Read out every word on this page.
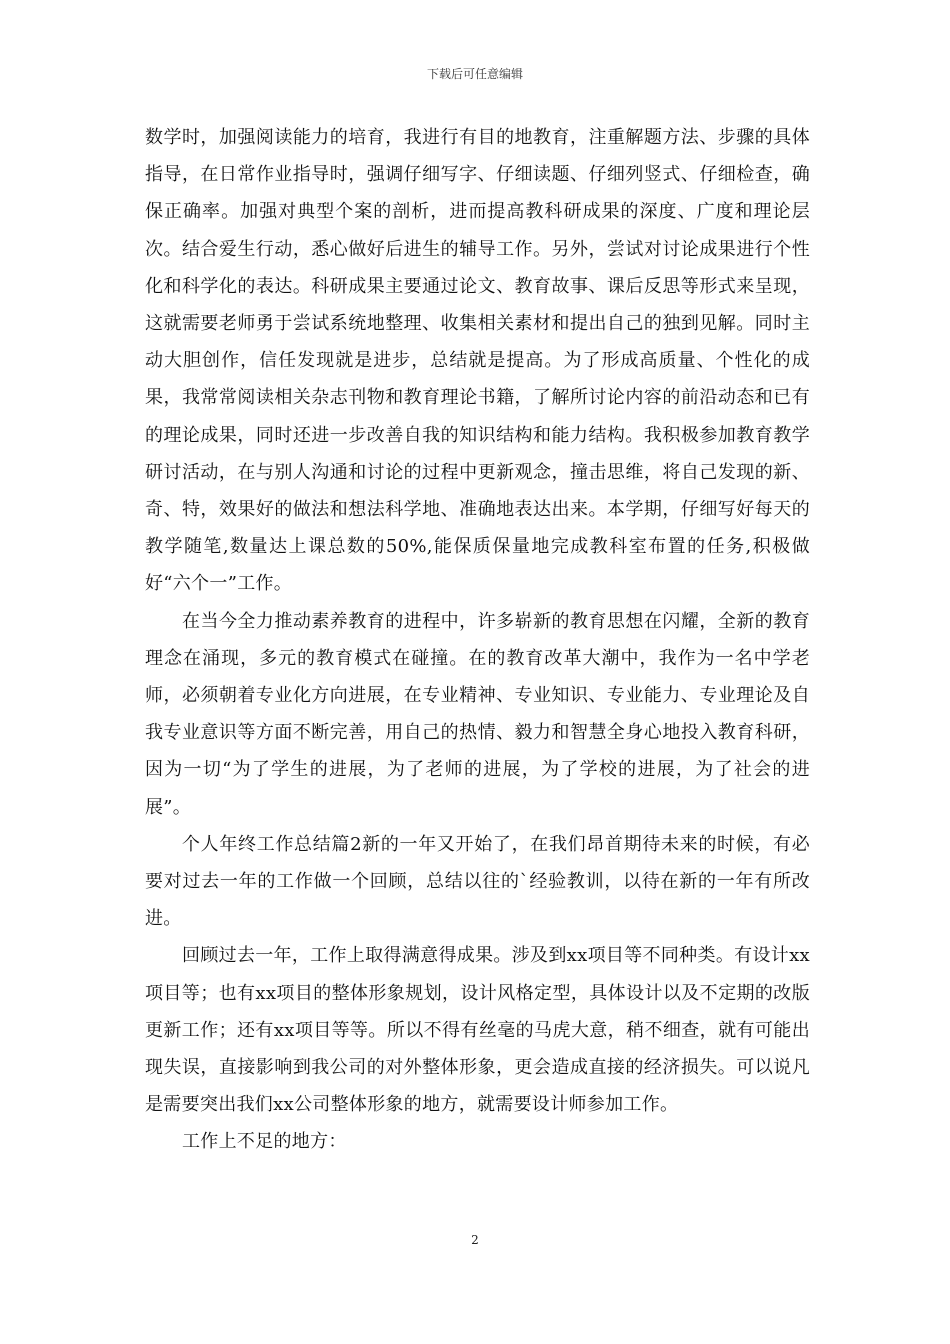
下载后可任意编辑

数学时，加强阅读能力的培育，我进行有目的地教育，注重解题方法、步骤的具体指导，在日常作业指导时，强调仔细写字、仔细读题、仔细列竖式、仔细检查，确保正确率。加强对典型个案的剖析，进而提高教科研成果的深度、广度和理论层次。结合爱生行动，悉心做好后进生的辅导工作。另外，尝试对讨论成果进行个性化和科学化的表达。科研成果主要通过论文、教育故事、课后反思等形式来呈现，这就需要老师勇于尝试系统地整理、收集相关素材和提出自己的独到见解。同时主动大胆创作，信任发现就是进步，总结就是提高。为了形成高质量、个性化的成果，我常常阅读相关杂志刊物和教育理论书籍，了解所讨论内容的前沿动态和已有的理论成果，同时还进一步改善自我的知识结构和能力结构。我积极参加教育教学研讨活动，在与别人沟通和讨论的过程中更新观念，撞击思维，将自己发现的新、奇、特，效果好的做法和想法科学地、准确地表达出来。本学期，仔细写好每天的教学随笔,数量达上课总数的50%,能保质保量地完成教科室布置的任务,积极做好“六个一”工作。

在当今全力推动素养教育的进程中，许多崭新的教育思想在闪耀，全新的教育理念在涌现，多元的教育模式在碰撞。在的教育改革大潮中，我作为一名中学老师，必须朝着专业化方向进展，在专业精神、专业知识、专业能力、专业理论及自我专业意识等方面不断完善，用自己的热情、毅力和智慧全身心地投入教育科研，因为一切“为了学生的进展，为了老师的进展，为了学校的进展，为了社会的进展”。

个人年终工作总结篇2新的一年又开始了，在我们昂首期待未来的时候，有必要对过去一年的工作做一个回顾，总结以往的`经验教训，以待在新的一年有所改进。

回顾过去一年，工作上取得满意得成果。涉及到xx项目等不同种类。有设计xx项目等；也有xx项目的整体形象规划，设计风格定型，具体设计以及不定期的改版更新工作；还有xx项目等等。所以不得有丝毫的马虎大意，稍不细查，就有可能出现失误，直接影响到我公司的对外整体形象，更会造成直接的经济损失。可以说凡是需要突出我们xx公司整体形象的地方，就需要设计师参加工作。

工作上不足的地方：

2
